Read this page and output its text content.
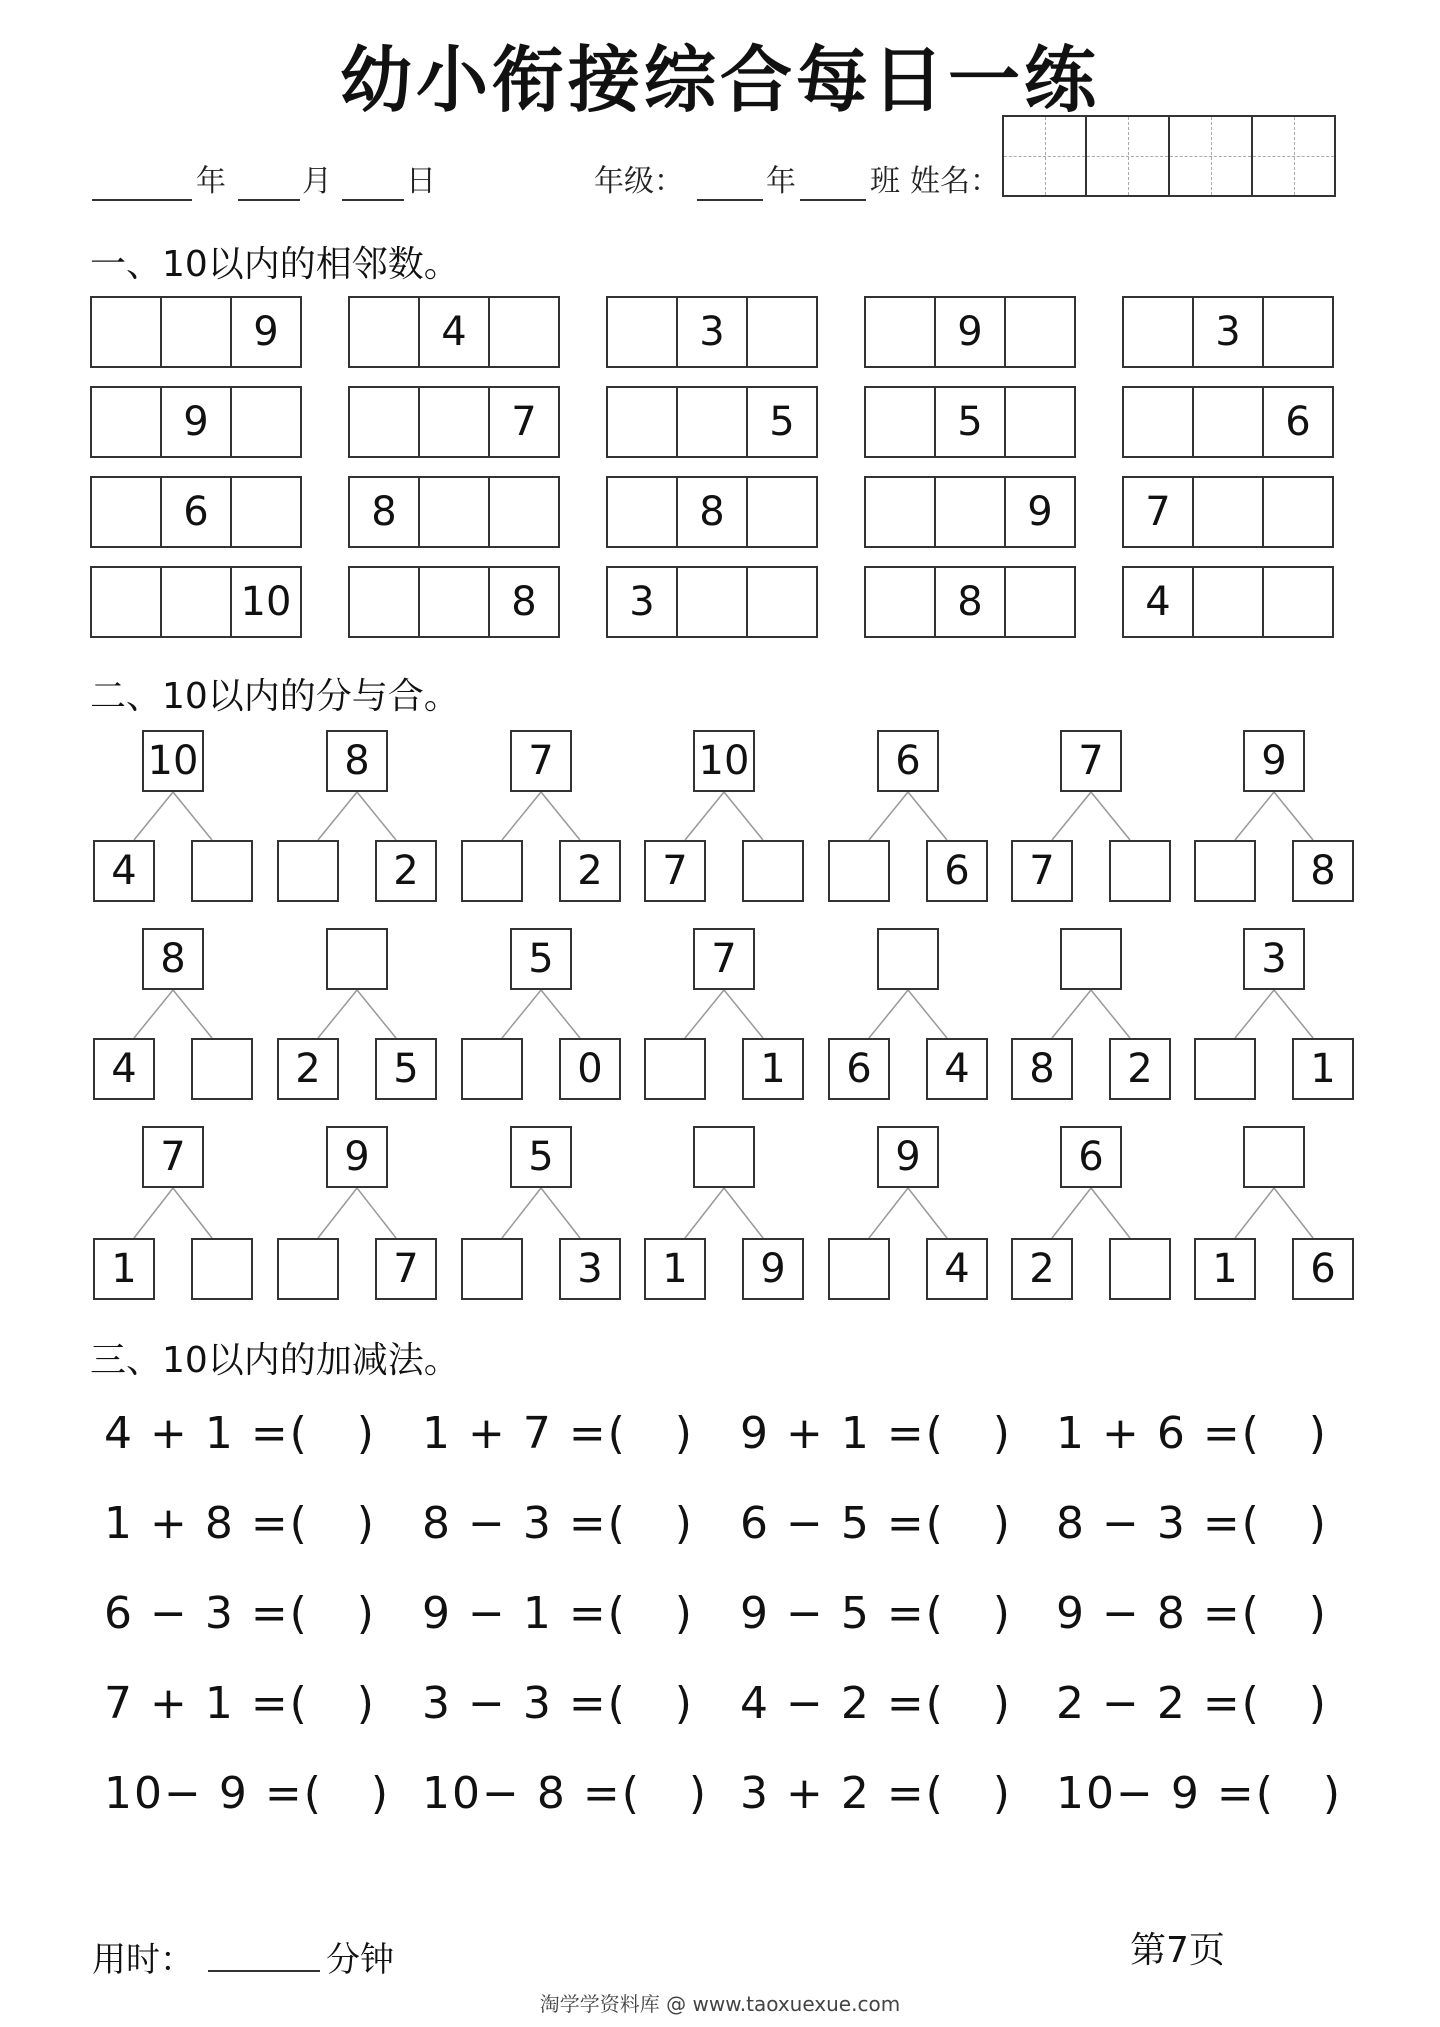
幼小衔接综合每日一练
年	月 日	年级：	年 班 姓名：
一、10以内的相邻数。
9	4	3	9	3
9	7	5	5	6
6	8	8	9	7
10	8	3	8	4
二、10以内的分与合。
10
4
8
2
7
2
10
7
6
6
7
7
9
8
8
4	2	5
5
0
7
1	6	4	8	2
3
1
7
1
9
7
5
3	1	9
9
4
6
2	1	6
三、10以内的加减法。
4 + 1 =(   ) 1 + 7 =(   ) 9 + 1 =(   ) 1 + 6 =(   )
1 + 8 =(   ) 8 − 3 =(   ) 6 − 5 =(   ) 8 − 3 =(   )
6 − 3 =(   ) 9 − 1 =(   ) 9 − 5 =(   ) 9 − 8 =(   )
7 + 1 =(   ) 3 − 3 =(   ) 4 − 2 =(   ) 2 − 2 =(   )
10− 9 =(   ) 10− 8 =(   ) 3 + 2 =(   ) 10− 9 =(   )
用时：	分钟	第7页
淘学学资料库 @ www.taoxuexue.com
